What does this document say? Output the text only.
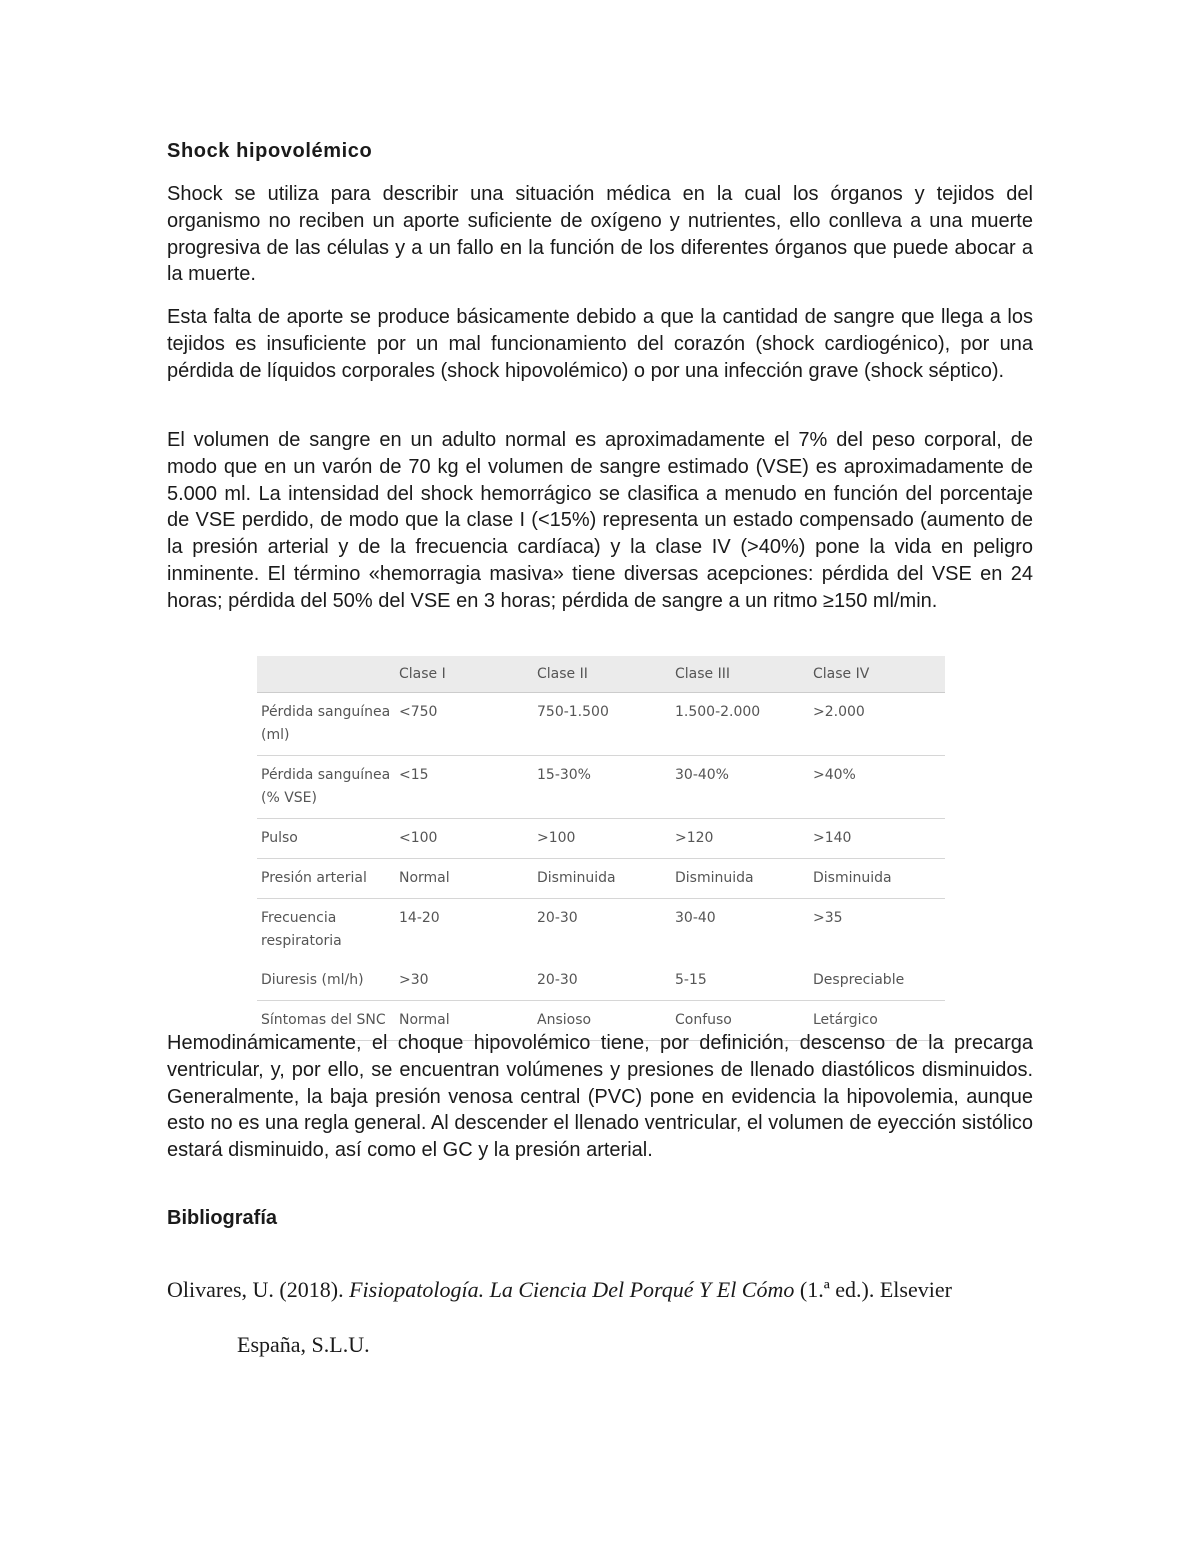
Shock hipovolémico

Shock se utiliza para describir una situación médica en la cual los órganos y tejidos del organismo no reciben un aporte suficiente de oxígeno y nutrientes, ello conlleva a una muerte progresiva de las células y a un fallo en la función de los diferentes órganos que puede abocar a la muerte.

Esta falta de aporte se produce básicamente debido a que la cantidad de sangre que llega a los tejidos es insuficiente por un mal funcionamiento del corazón (shock cardiogénico), por una pérdida de líquidos corporales (shock hipovolémico) o por una infección grave (shock séptico).

El volumen de sangre en un adulto normal es aproximadamente el 7% del peso corporal, de modo que en un varón de 70 kg el volumen de sangre estimado (VSE) es aproximadamente de 5.000 ml. La intensidad del shock hemorrágico se clasifica a menudo en función del porcentaje de VSE perdido, de modo que la clase I (<15%) representa un estado compensado (aumento de la presión arterial y de la frecuencia cardíaca) y la clase IV (>40%) pone la vida en peligro inminente. El término «hemorragia masiva» tiene diversas acepciones: pérdida del VSE en 24 horas; pérdida del 50% del VSE en 3 horas; pérdida de sangre a un ritmo ≥150 ml/min.

	Clase I	Clase II	Clase III	Clase IV
Pérdida sanguínea (ml)	<750	750-1.500	1.500-2.000	>2.000
Pérdida sanguínea (% VSE)	<15	15-30%	30-40%	>40%
Pulso	<100	>100	>120	>140
Presión arterial	Normal	Disminuida	Disminuida	Disminuida
Frecuencia respiratoria	14-20	20-30	30-40	>35
Diuresis (ml/h)	>30	20-30	5-15	Despreciable
Síntomas del SNC	Normal	Ansioso	Confuso	Letárgico

Hemodinámicamente, el choque hipovolémico tiene, por definición, descenso de la precarga ventricular, y, por ello, se encuentran volúmenes y presiones de llenado diastólicos disminuidos. Generalmente, la baja presión venosa central (PVC) pone en evidencia la hipovolemia, aunque esto no es una regla general. Al descender el llenado ventricular, el volumen de eyección sistólico estará disminuido, así como el GC y la presión arterial.

Bibliografía

Olivares, U. (2018). Fisiopatología. La Ciencia Del Porqué Y El Cómo (1.ª ed.). Elsevier
España, S.L.U.
